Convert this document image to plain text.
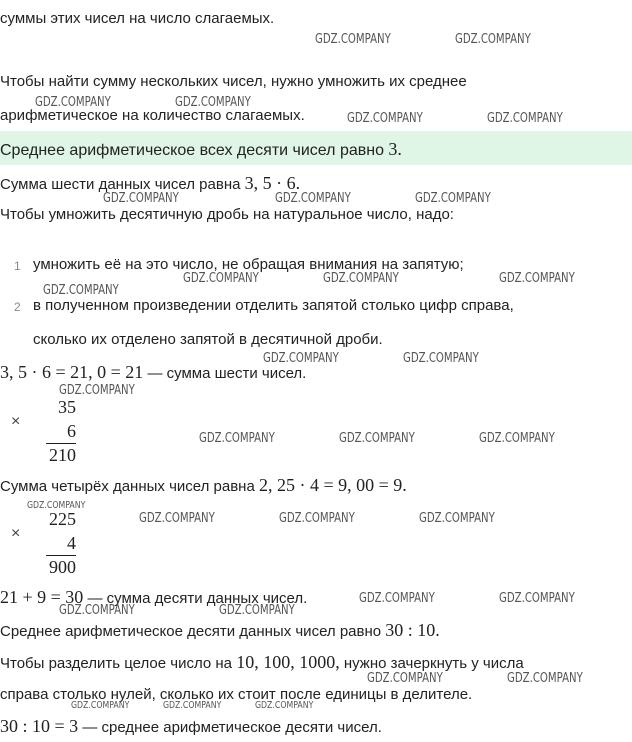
суммы этих чисел на число слагаемых.
Чтобы найти сумму нескольких чисел, нужно умножить их среднее
арифметическое на количество слагаемых.
Среднее арифметическое всех десяти чисел равно 3.
Сумма шести данных чисел равна 3, 5 · 6.
Чтобы умножить десятичную дробь на натуральное число, надо:
1 умножить её на это число, не обращая внимания на запятую;
2 в полученном произведении отделить запятой столько цифр справа,
сколько их отделено запятой в десятичной дроби.
3, 5 · 6 = 21, 0 = 21 — сумма шести чисел.
×
35
6
210
Сумма четырёх данных чисел равна 2, 25 · 4 = 9, 00 = 9.
×
225
4
900
21 + 9 = 30 — сумма десяти данных чисел.
Среднее арифметическое десяти данных чисел равно 30 : 10.
Чтобы разделить целое число на 10, 100, 1000, нужно зачеркнуть у числа
справа столько нулей, сколько их стоит после единицы в делителе.
30 : 10 = 3 — среднее арифметическое десяти чисел.
GDZ.COMPANY	GDZ.COMPANY
GDZ.COMPANY	GDZ.COMPANY
GDZ.COMPANY	GDZ.COMPANY
GDZ.COMPANY	GDZ.COMPANY	GDZ.COMPANY
GDZ.COMPANY	GDZ.COMPANY	GDZ.COMPANY
GDZ.COMPANY
GDZ.COMPANY	GDZ.COMPANY
GDZ.COMPANY
GDZ.COMPANY	GDZ.COMPANY	GDZ.COMPANY
GDZ.COMPANY
GDZ.COMPANY	GDZ.COMPANY	GDZ.COMPANY
GDZ.COMPANY	GDZ.COMPANY
GDZ.COMPANY	GDZ.COMPANY
GDZ.COMPANY	GDZ.COMPANY
GDZ.COMPANY	GDZ.COMPANY	GDZ.COMPANY
